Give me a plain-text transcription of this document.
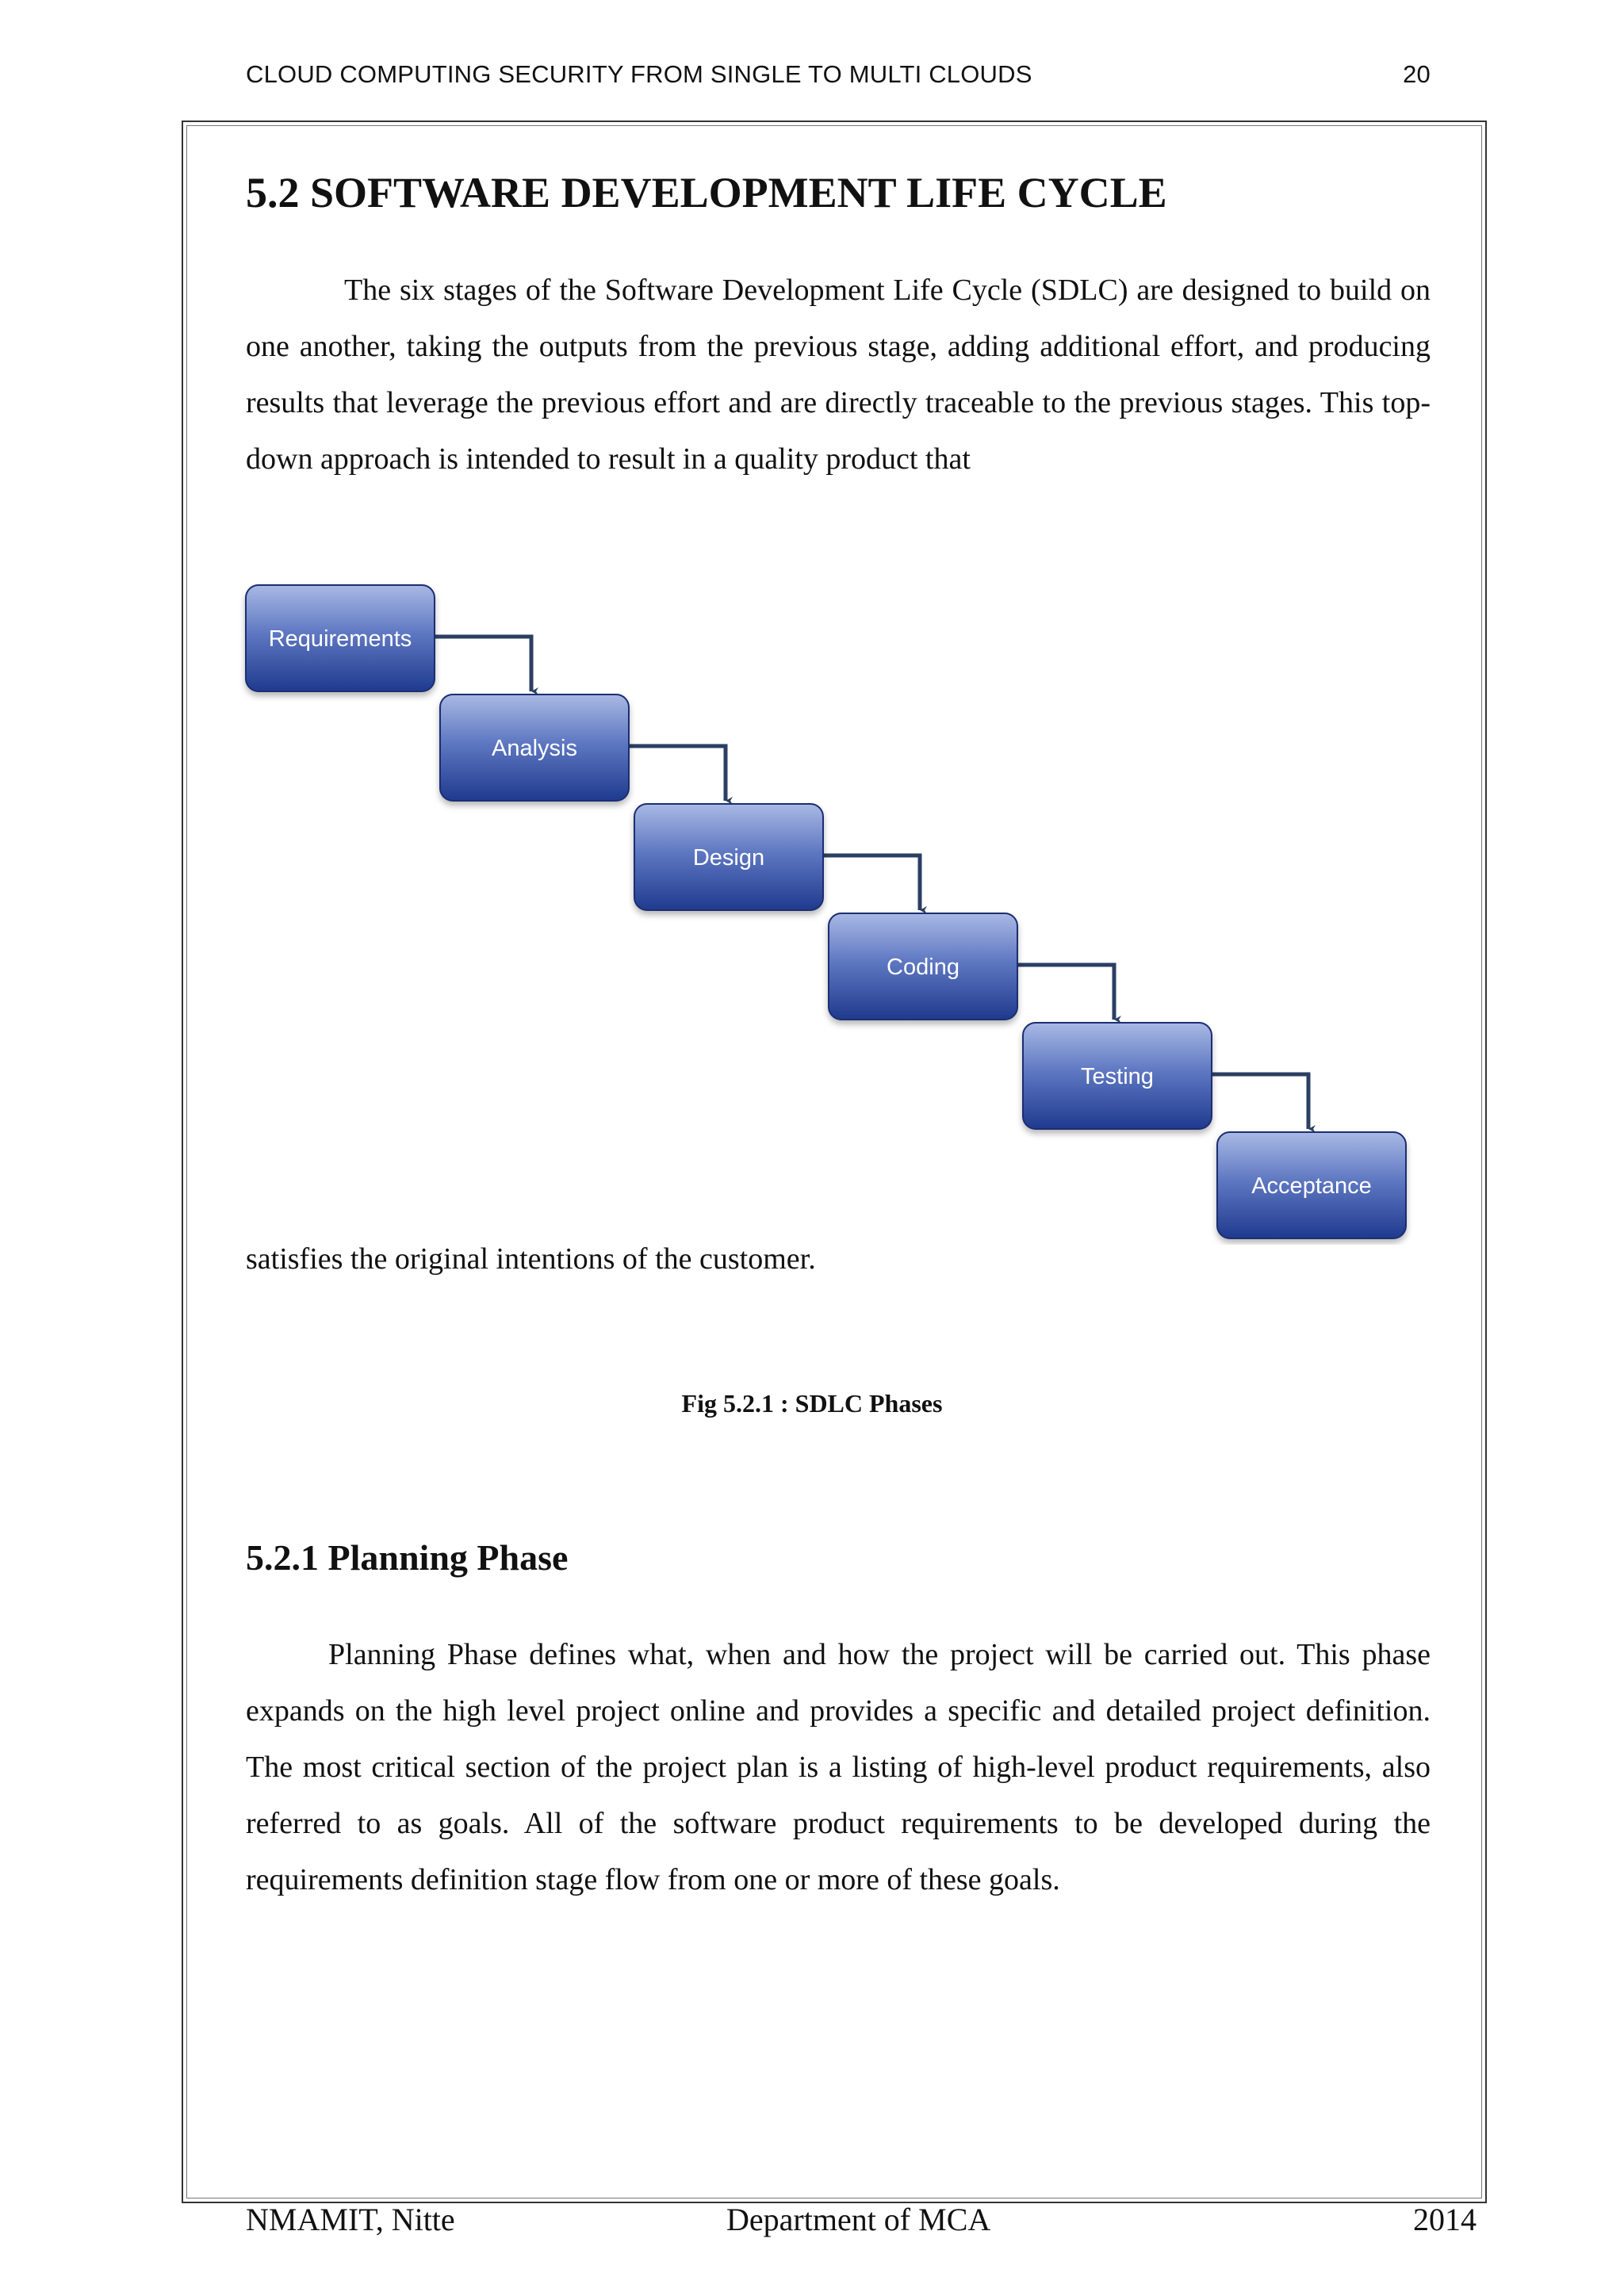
CLOUD COMPUTING SECURITY FROM SINGLE TO MULTI CLOUDS	20
5.2 SOFTWARE DEVELOPMENT LIFE CYCLE

The six stages of the Software Development Life Cycle (SDLC) are designed to build on one another, taking the outputs from the previous stage, adding additional effort, and producing results that leverage the previous effort and are directly traceable to the previous stages. This top-down approach is intended to result in a quality product that

Requirements
Analysis
Design
Coding
Testing
Acceptance

satisfies the original intentions of the customer.

Fig 5.2.1 : SDLC Phases

5.2.1 Planning Phase

Planning Phase defines what, when and how the project will be carried out. This phase expands on the high level project online and provides a specific and detailed project definition. The most critical section of the project plan is a listing of high-level product requirements, also referred to as goals. All of the software product requirements to be developed during the requirements definition stage flow from one or more of these goals.

NMAMIT, Nitte	Department of MCA	2014
